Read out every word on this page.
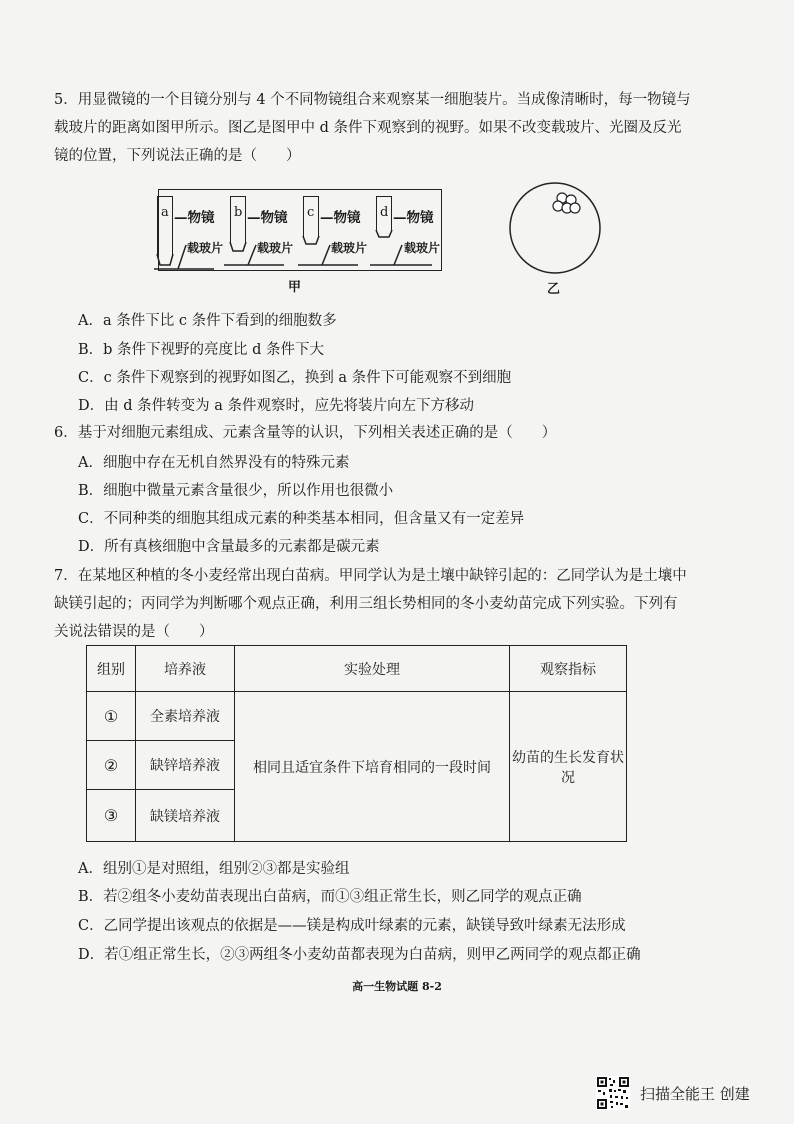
5．用显微镜的一个目镜分别与 4 个不同物镜组合来观察某一细胞装片。当成像清晰时，每一物镜与
载玻片的距离如图甲所示。图乙是图甲中 d 条件下观察到的视野。如果不改变载玻片、光圈及反光
镜的位置，下列说法正确的是（　　）
a —物镜
载玻片
b —物镜
载玻片
c —物镜
载玻片
d —物镜
载玻片
甲	乙
A．a 条件下比 c 条件下看到的细胞数多
B．b 条件下视野的亮度比 d 条件下大
C．c 条件下观察到的视野如图乙，换到 a 条件下可能观察不到细胞
D．由 d 条件转变为 a 条件观察时，应先将装片向左下方移动
6．基于对细胞元素组成、元素含量等的认识，下列相关表述正确的是（　　）
A．细胞中存在无机自然界没有的特殊元素
B．细胞中微量元素含量很少，所以作用也很微小
C．不同种类的细胞其组成元素的种类基本相同，但含量又有一定差异
D．所有真核细胞中含量最多的元素都是碳元素
7．在某地区种植的冬小麦经常出现白苗病。甲同学认为是土壤中缺锌引起的：乙同学认为是土壤中
缺镁引起的；丙同学为判断哪个观点正确，利用三组长势相同的冬小麦幼苗完成下列实验。下列有
关说法错误的是（　　）
组别	培养液	实验处理	观察指标
①	全素培养液	相同且适宜条件下培育相同的一段时间	幼苗的生长发育状况
②	缺锌培养液		
③	缺镁培养液		
A．组别①是对照组，组别②③都是实验组
B．若②组冬小麦幼苗表现出白苗病，而①③组正常生长，则乙同学的观点正确
C．乙同学提出该观点的依据是——镁是构成叶绿素的元素，缺镁导致叶绿素无法形成
D．若①组正常生长，②③两组冬小麦幼苗都表现为白苗病，则甲乙两同学的观点都正确
高一生物试题 8-2
扫描全能王 创建
